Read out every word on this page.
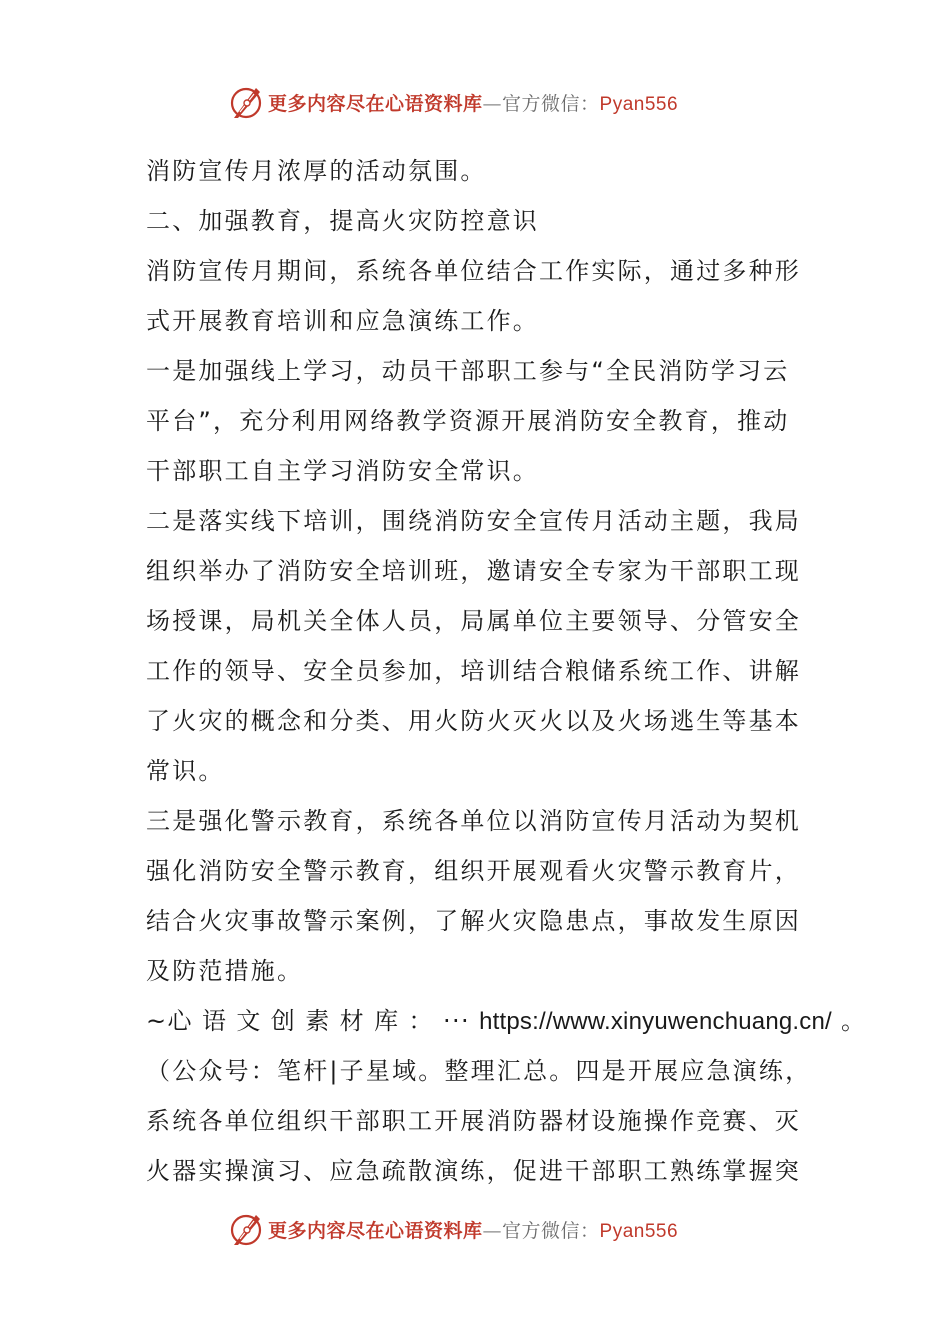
更多内容尽在心语资料库—官方微信：Pyan556
消防宣传月浓厚的活动氛围。
二、加强教育，提高火灾防控意识
消防宣传月期间，系统各单位结合工作实际，通过多种形
式开展教育培训和应急演练工作。
一是加强线上学习，动员干部职工参与“全民消防学习云
平台”，充分利用网络教学资源开展消防安全教育，推动
干部职工自主学习消防安全常识。
二是落实线下培训，围绕消防安全宣传月活动主题，我局
组织举办了消防安全培训班，邀请安全专家为干部职工现
场授课，局机关全体人员，局属单位主要领导、分管安全
工作的领导、安全员参加，培训结合粮储系统工作、讲解
了火灾的概念和分类、用火防火灭火以及火场逃生等基本
常识。
三是强化警示教育，系统各单位以消防宣传月活动为契机
强化消防安全警示教育，组织开展观看火灾警示教育片，
结合火灾事故警示案例，了解火灾隐患点，事故发生原因
及防范措施。
~心 语 文 创 素 材 库 ： ··· https://www.xinyuwenchuang.cn/ 。
（公众号：笔杆|子星域。整理汇总。四是开展应急演练，
系统各单位组织干部职工开展消防器材设施操作竞赛、灭
火器实操演习、应急疏散演练，促进干部职工熟练掌握突
更多内容尽在心语资料库—官方微信：Pyan556
